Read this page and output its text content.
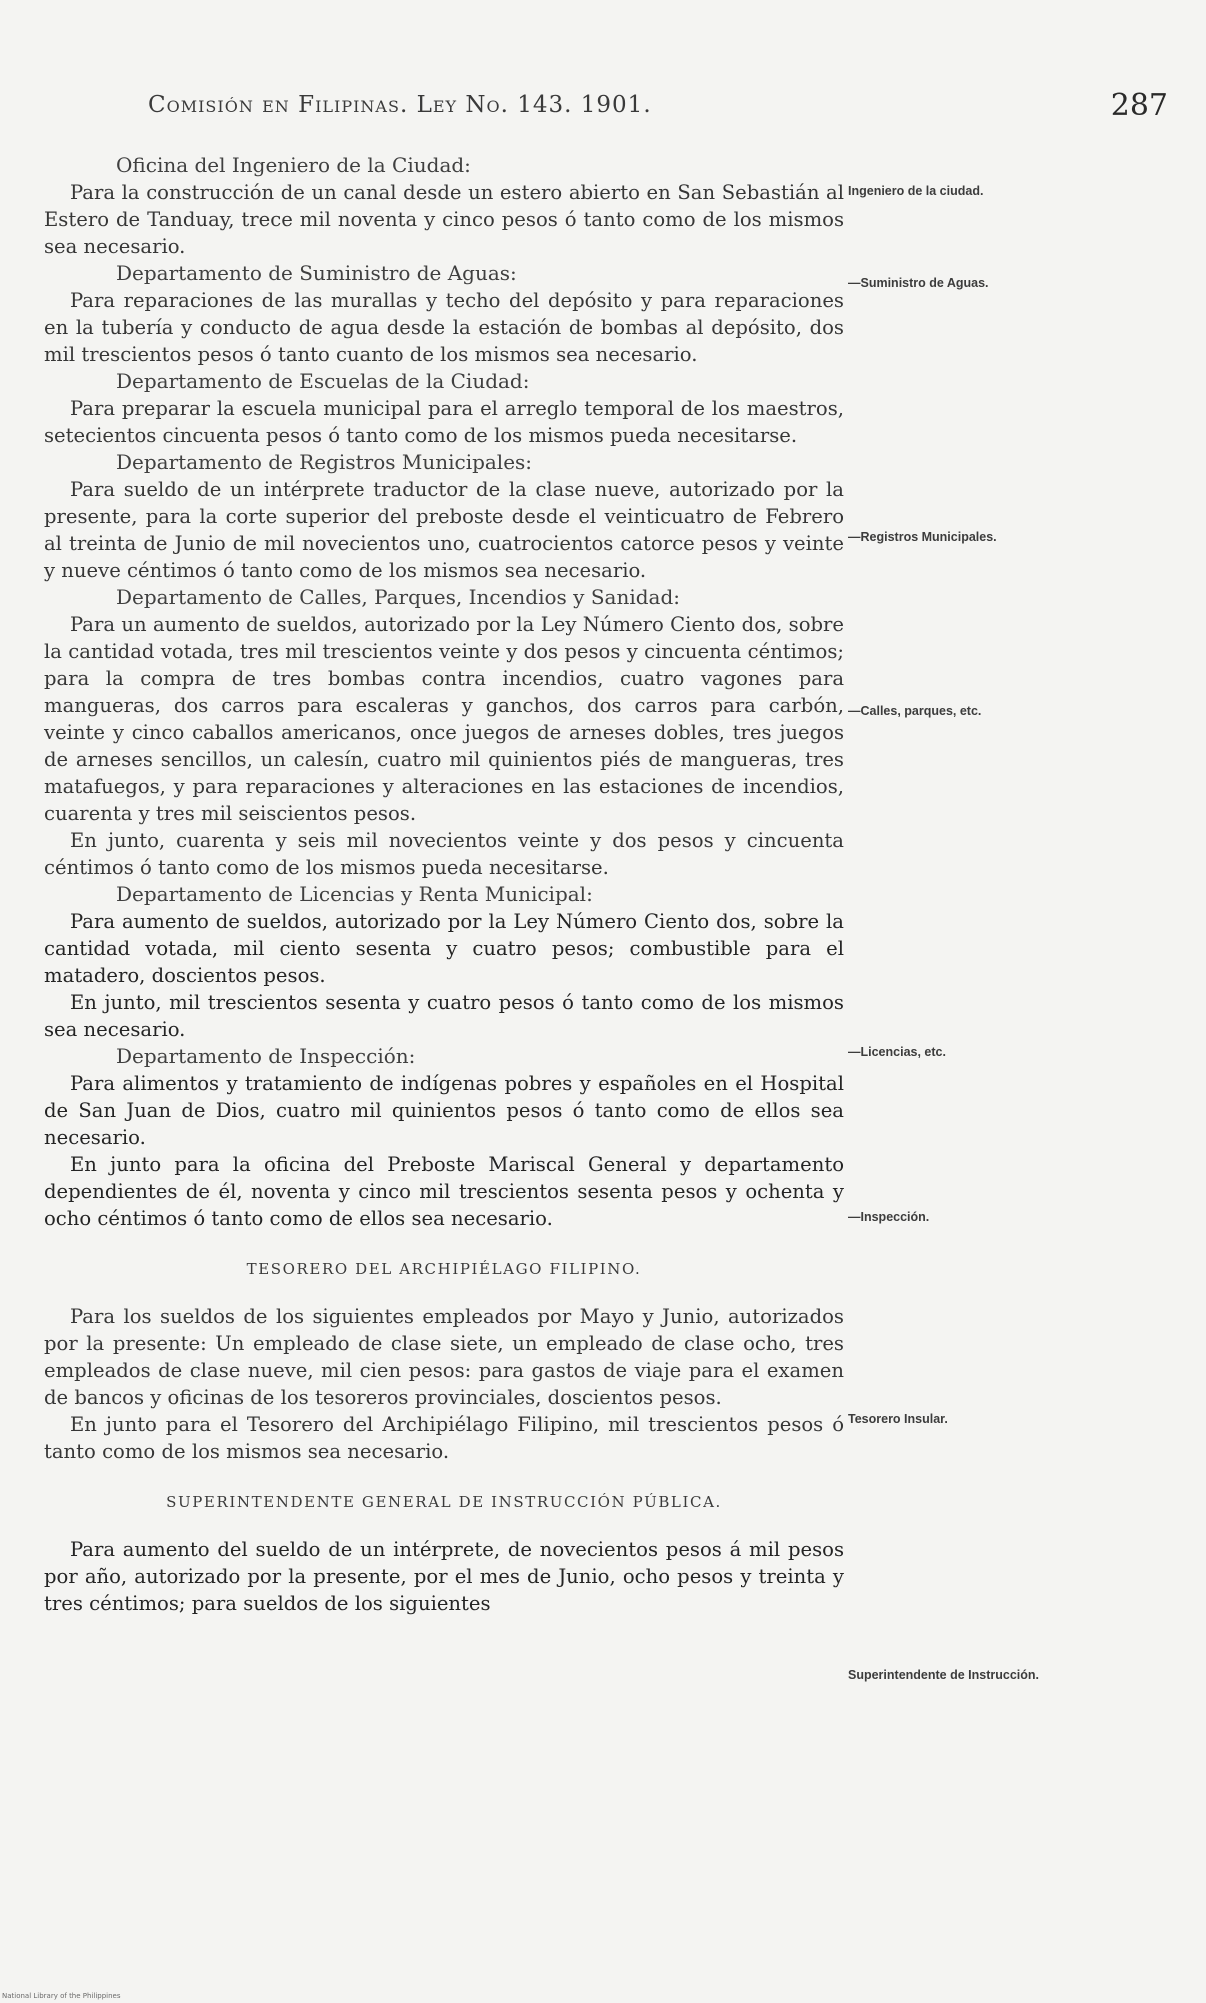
Comisión en Filipinas. Ley No. 143. 1901.	287

Oficina del Ingeniero de la Ciudad:

Para la construcción de un canal desde un estero abierto en San Sebastián al Estero de Tanduay, trece mil noventa y cinco pesos ó tanto como de los mismos sea necesario.

Departamento de Suministro de Aguas:

Para reparaciones de las murallas y techo del depósito y para reparaciones en la tubería y conducto de agua desde la estación de bombas al depósito, dos mil trescientos pesos ó tanto cuanto de los mismos sea necesario.

Departamento de Escuelas de la Ciudad:

Para preparar la escuela municipal para el arreglo temporal de los maestros, setecientos cincuenta pesos ó tanto como de los mismos pueda necesitarse.

Departamento de Registros Municipales:

Para sueldo de un intérprete traductor de la clase nueve, autorizado por la presente, para la corte superior del preboste desde el veinticuatro de Febrero al treinta de Junio de mil novecientos uno, cuatrocientos catorce pesos y veinte y nueve céntimos ó tanto como de los mismos sea necesario.

Departamento de Calles, Parques, Incendios y Sanidad:

Para un aumento de sueldos, autorizado por la Ley Número Ciento dos, sobre la cantidad votada, tres mil trescientos veinte y dos pesos y cincuenta céntimos; para la compra de tres bombas contra incendios, cuatro vagones para mangueras, dos carros para escaleras y ganchos, dos carros para carbón, veinte y cinco caballos americanos, once juegos de arneses dobles, tres juegos de arneses sencillos, un calesín, cuatro mil quinientos piés de mangueras, tres matafuegos, y para reparaciones y alteraciones en las estaciones de incendios, cuarenta y tres mil seiscientos pesos.

En junto, cuarenta y seis mil novecientos veinte y dos pesos y cincuenta céntimos ó tanto como de los mismos pueda necesitarse.

Departamento de Licencias y Renta Municipal:

Para aumento de sueldos, autorizado por la Ley Número Ciento dos, sobre la cantidad votada, mil ciento sesenta y cuatro pesos; combustible para el matadero, doscientos pesos.

En junto, mil trescientos sesenta y cuatro pesos ó tanto como de los mismos sea necesario.

Departamento de Inspección:

Para alimentos y tratamiento de indígenas pobres y españoles en el Hospital de San Juan de Dios, cuatro mil quinientos pesos ó tanto como de ellos sea necesario.

En junto para la oficina del Preboste Mariscal General y departamento dependientes de él, noventa y cinco mil trescientos sesenta pesos y ochenta y ocho céntimos ó tanto como de ellos sea necesario.

TESORERO DEL ARCHIPIÉLAGO FILIPINO.

Para los sueldos de los siguientes empleados por Mayo y Junio, autorizados por la presente: Un empleado de clase siete, un empleado de clase ocho, tres empleados de clase nueve, mil cien pesos: para gastos de viaje para el examen de bancos y oficinas de los tesoreros provinciales, doscientos pesos.

En junto para el Tesorero del Archipiélago Filipino, mil trescientos pesos ó tanto como de los mismos sea necesario.

SUPERINTENDENTE GENERAL DE INSTRUCCIÓN PÚBLICA.

Para aumento del sueldo de un intérprete, de novecientos pesos á mil pesos por año, autorizado por la presente, por el mes de Junio, ocho pesos y treinta y tres céntimos; para sueldos de los siguientes

Ingeniero de la ciudad.
—Suministro de Aguas.
—Registros Municipales.
—Calles, parques, etc.
—Licencias, etc.
—Inspección.
Tesorero Insular.
Superintendente de Instrucción.
National Library of the Philippines
